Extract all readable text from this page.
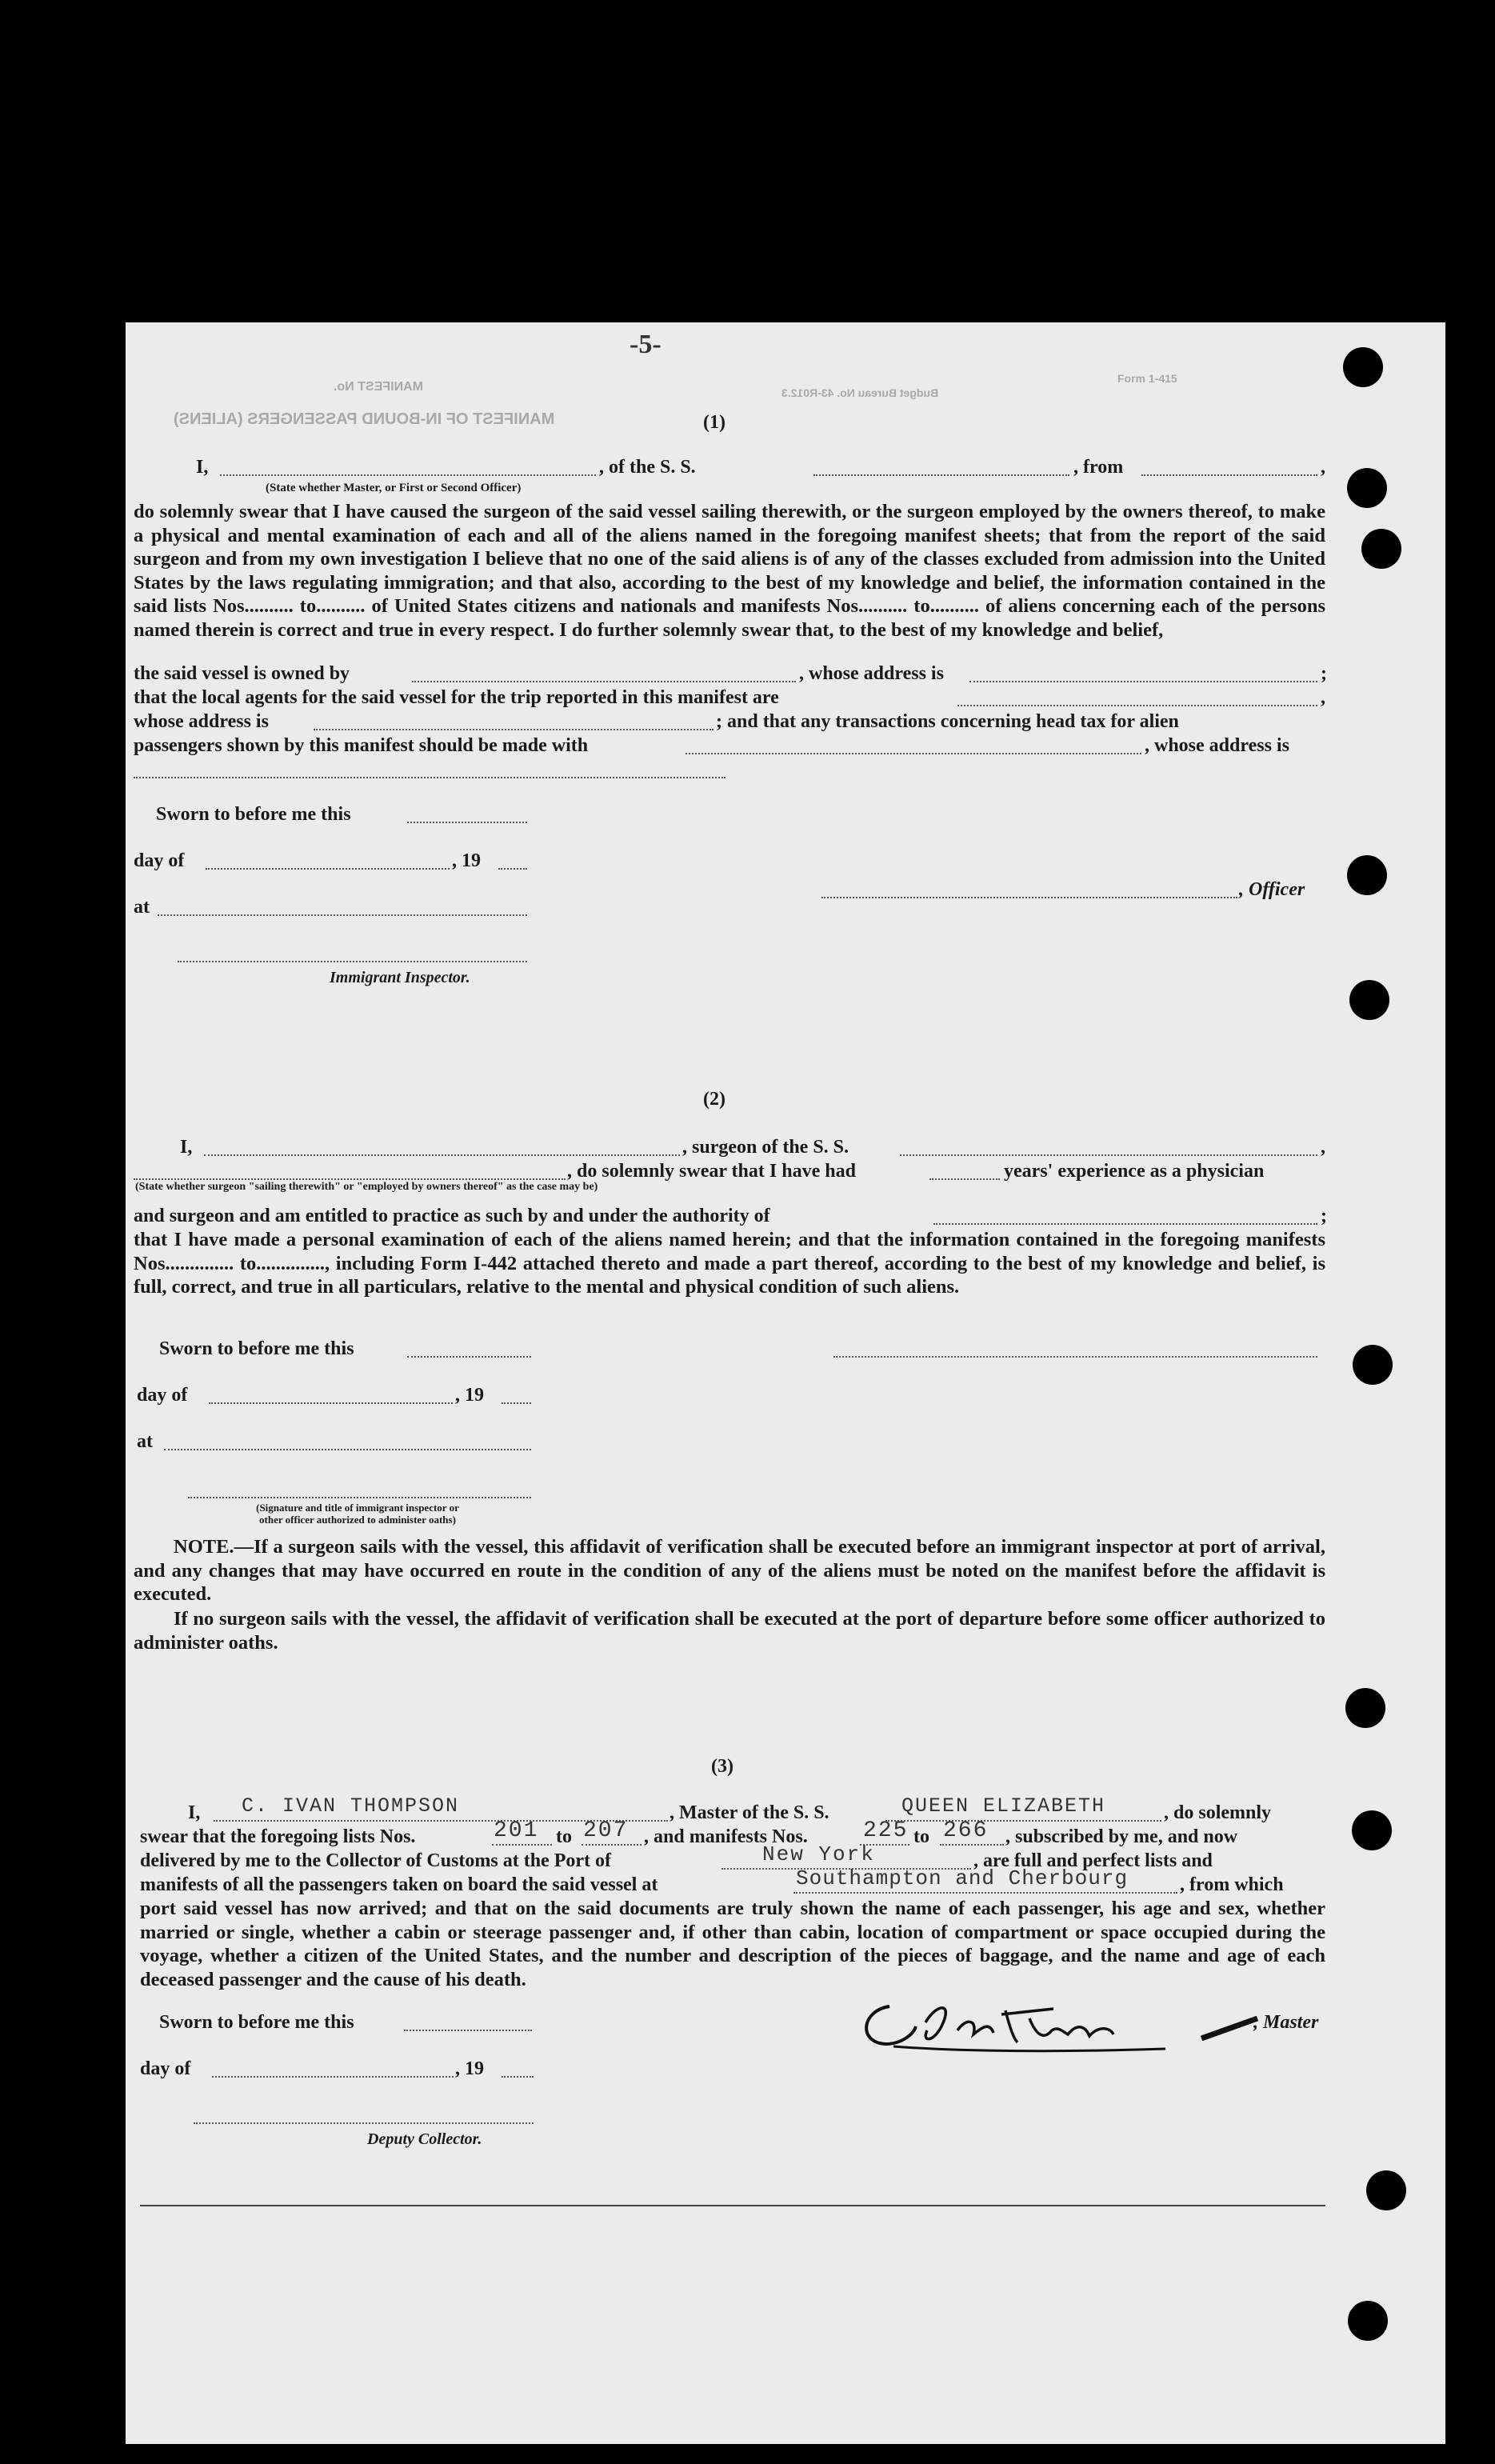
-5-
MANIFEST OF IN-BOUND PASSENGERS (ALIENS)
MANIFEST No.
Form 1-415
Budget Bureau No. 43-R012.3
(1)
I,	, of the S. S.	, from	,
(State whether Master, or First or Second Officer)
do solemnly swear that I have caused the surgeon of the said vessel sailing therewith, or the surgeon employed by the owners thereof, to make a physical and mental examination of each and all of the aliens named in the foregoing manifest sheets; that from the report of the said surgeon and from my own investigation I believe that no one of the said aliens is of any of the classes excluded from admission into the United States by the laws regulating immigration; and that also, according to the best of my knowledge and belief, the information contained in the said lists Nos.......... to.......... of United States citizens and nationals and manifests Nos.......... to.......... of aliens concerning each of the persons named therein is correct and true in every respect. I do further solemnly swear that, to the best of my knowledge and belief,
the said vessel is owned by	, whose address is	;
that the local agents for the said vessel for the trip reported in this manifest are	,
whose address is	; and that any transactions concerning head tax for alien
passengers shown by this manifest should be made with	, whose address is
Sworn to before me this
day of	, 19
at
Immigrant Inspector.
, Officer
(2)
I,	, surgeon of the S. S.	,
, do solemnly swear that I have had	years' experience as a physician
(State whether surgeon "sailing therewith" or "employed by owners thereof" as the case may be)
and surgeon and am entitled to practice as such by and under the authority of	;
that I have made a personal examination of each of the aliens named herein; and that the information contained in the foregoing manifests Nos.............. to.............., including Form I-442 attached thereto and made a part thereof, according to the best of my knowledge and belief, is full, correct, and true in all particulars, relative to the mental and physical condition of such aliens.
Sworn to before me this
day of	, 19
at
(Signature and title of immigrant inspector or
other officer authorized to administer oaths)
NOTE.—If a surgeon sails with the vessel, this affidavit of verification shall be executed before an immigrant inspector at port of arrival, and any changes that may have occurred en route in the condition of any of the aliens must be noted on the manifest before the affidavit is executed.
If no surgeon sails with the vessel, the affidavit of verification shall be executed at the port of departure before some officer authorized to administer oaths.
(3)
I, C. IVAN THOMPSON	, Master of the S. S.	QUEEN ELIZABETH	, do solemnly
swear that the foregoing lists Nos.	201 to 207 , and manifests Nos. 225 to 266 , subscribed by me, and now
delivered by me to the Collector of Customs at the Port of	New York	, are full and perfect lists and
manifests of all the passengers taken on board the said vessel at	Southampton and Cherbourg	, from which
port said vessel has now arrived; and that on the said documents are truly shown the name of each passenger, his age and sex, whether married or single, whether a cabin or steerage passenger and, if other than cabin, location of compartment or space occupied during the voyage, whether a citizen of the United States, and the number and description of the pieces of baggage, and the name and age of each deceased passenger and the cause of his death.
Sworn to before me this
day of	, 19
Deputy Collector.
, Master
